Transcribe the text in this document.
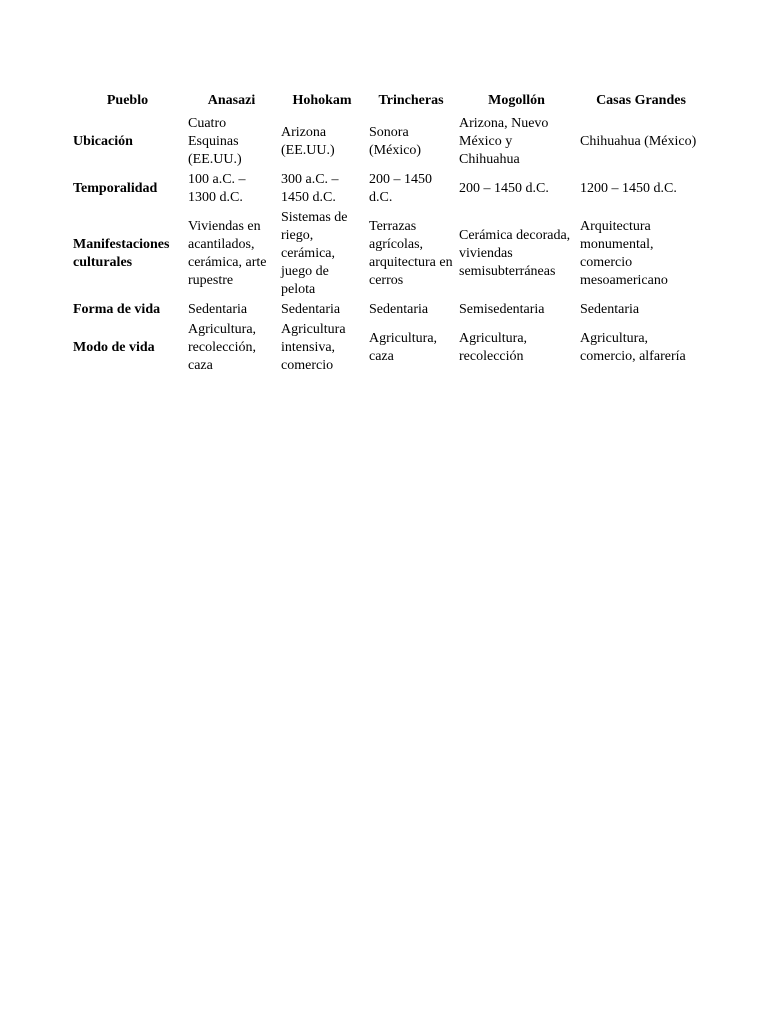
Pueblo	Anasazi	Hohokam	Trincheras	Mogollón	Casas Grandes
Ubicación	Cuatro Esquinas (EE.UU.)	Arizona (EE.UU.)	Sonora (México)	Arizona, Nuevo México y Chihuahua	Chihuahua (México)
Temporalidad	100 a.C. – 1300 d.C.	300 a.C. – 1450 d.C.	200 – 1450 d.C.	200 – 1450 d.C.	1200 – 1450 d.C.
Manifestaciones culturales	Viviendas en acantilados, cerámica, arte rupestre	Sistemas de riego, cerámica, juego de pelota	Terrazas agrícolas, arquitectura en cerros	Cerámica decorada, viviendas semisubterráneas	Arquitectura monumental, comercio mesoamericano
Forma de vida	Sedentaria	Sedentaria	Sedentaria	Semisedentaria	Sedentaria
Modo de vida	Agricultura, recolección, caza	Agricultura intensiva, comercio	Agricultura, caza	Agricultura, recolección	Agricultura, comercio, alfarería
